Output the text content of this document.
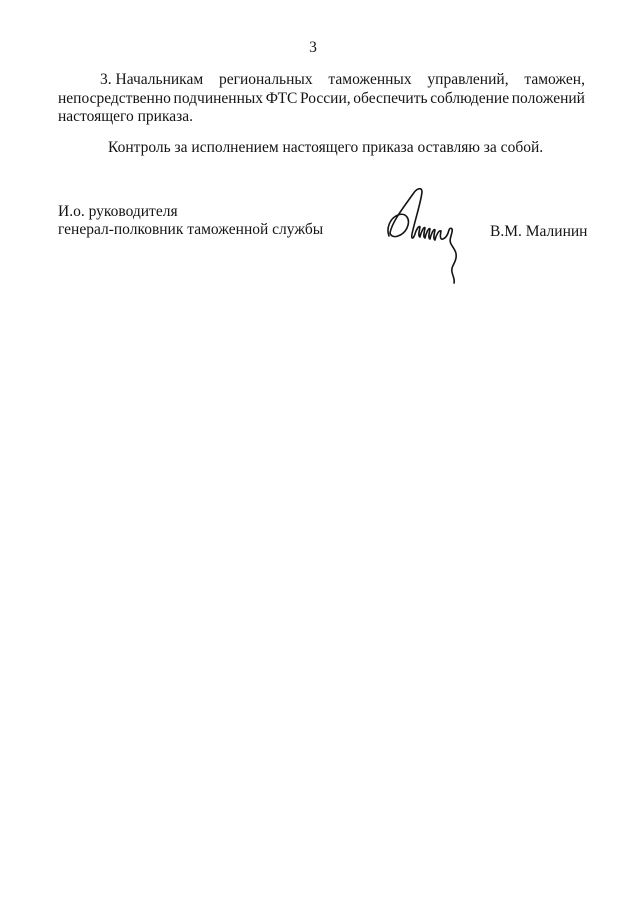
3
3. Начальникам региональных таможенных управлений, таможен,
непосредственно подчиненных ФТС России, обеспечить соблюдение положений
настоящего приказа.
Контроль за исполнением настоящего приказа оставляю за собой.
И.о. руководителя
генерал-полковник таможенной службы	В.М. Малинин
